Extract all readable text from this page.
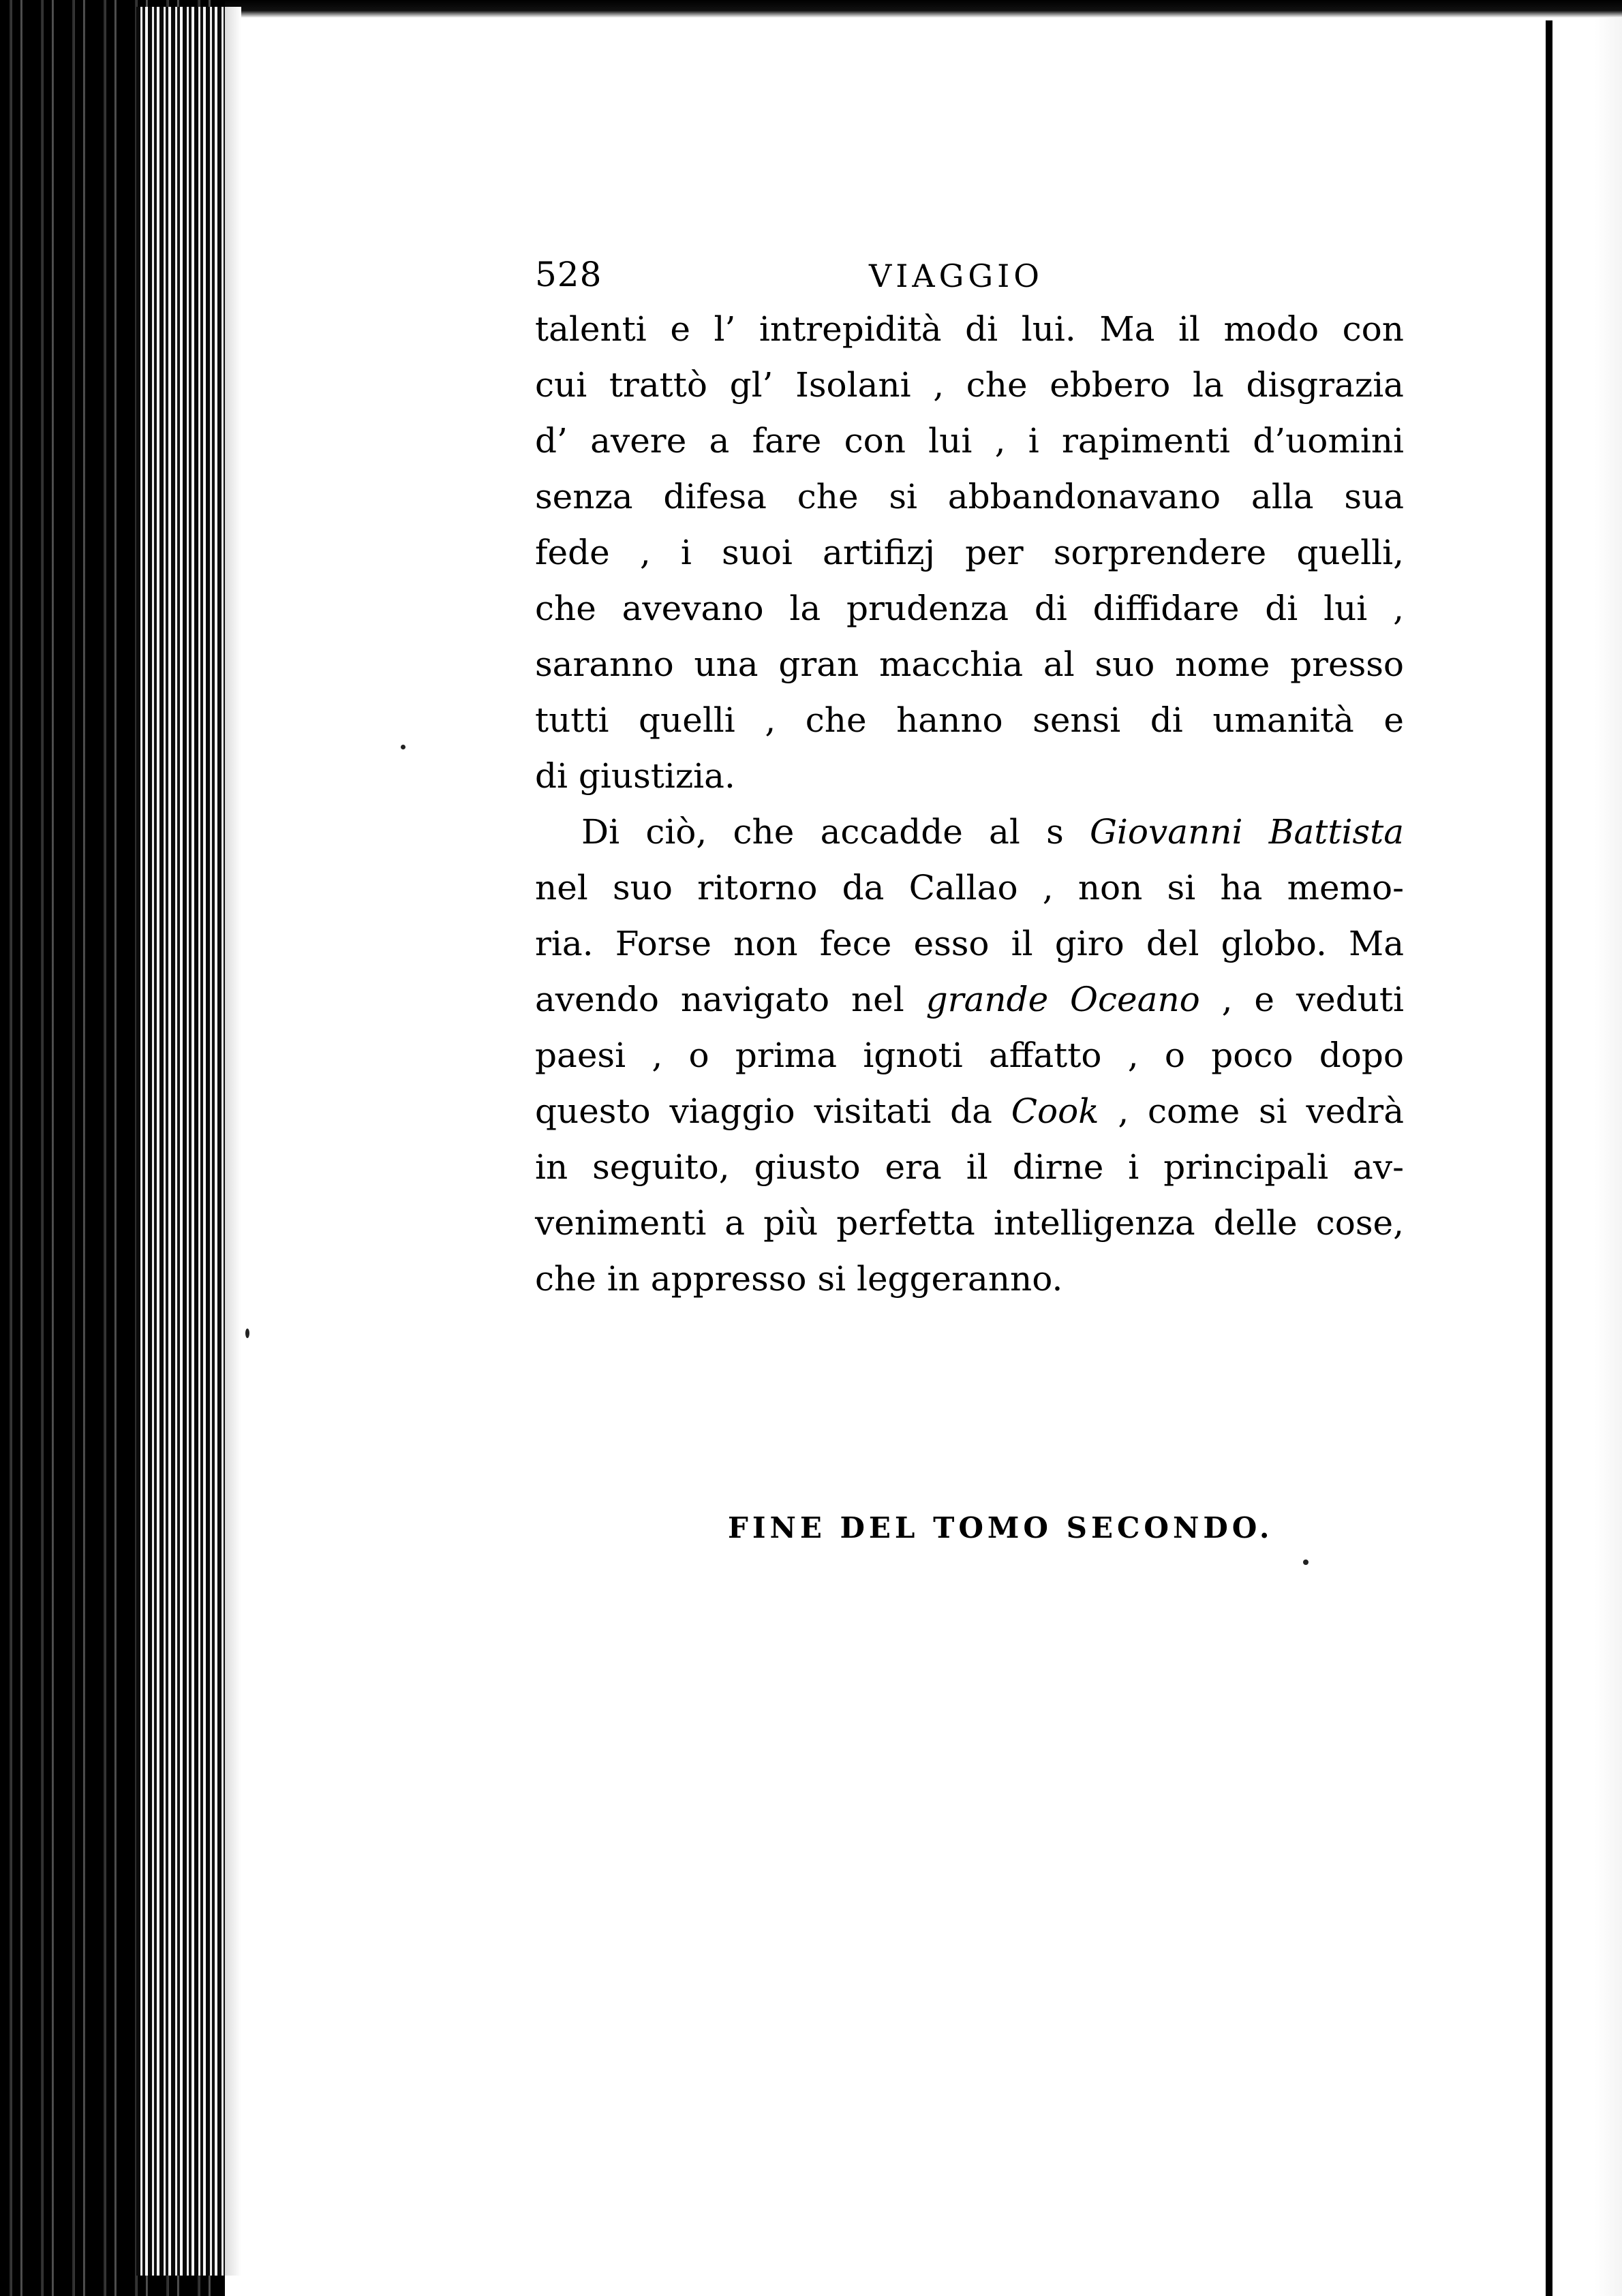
528	VIAGGIO
talenti e l’ intrepidità di lui. Ma il modo con
cui trattò gl’ Isolani , che ebbero la disgrazia
d’ avere a fare con lui , i rapimenti d’uomini
senza difesa che si abbandonavano alla sua
fede , i suoi artifizj per sorprendere quelli,
che avevano la prudenza di diffidare di lui ,
saranno una gran macchia al suo nome presso
tutti quelli , che hanno sensi di umanità e
di giustizia.
Di ciò, che accadde al s Giovanni Battista
nel suo ritorno da Callao , non si ha memo-
ria. Forse non fece esso il giro del globo. Ma
avendo navigato nel grande Oceano , e veduti
paesi , o prima ignoti affatto , o poco dopo
questo viaggio visitati da Cook , come si vedrà
in seguito, giusto era il dirne i principali av-
venimenti a più perfetta intelligenza delle cose,
che in appresso si leggeranno.
FINE DEL TOMO SECONDO.
